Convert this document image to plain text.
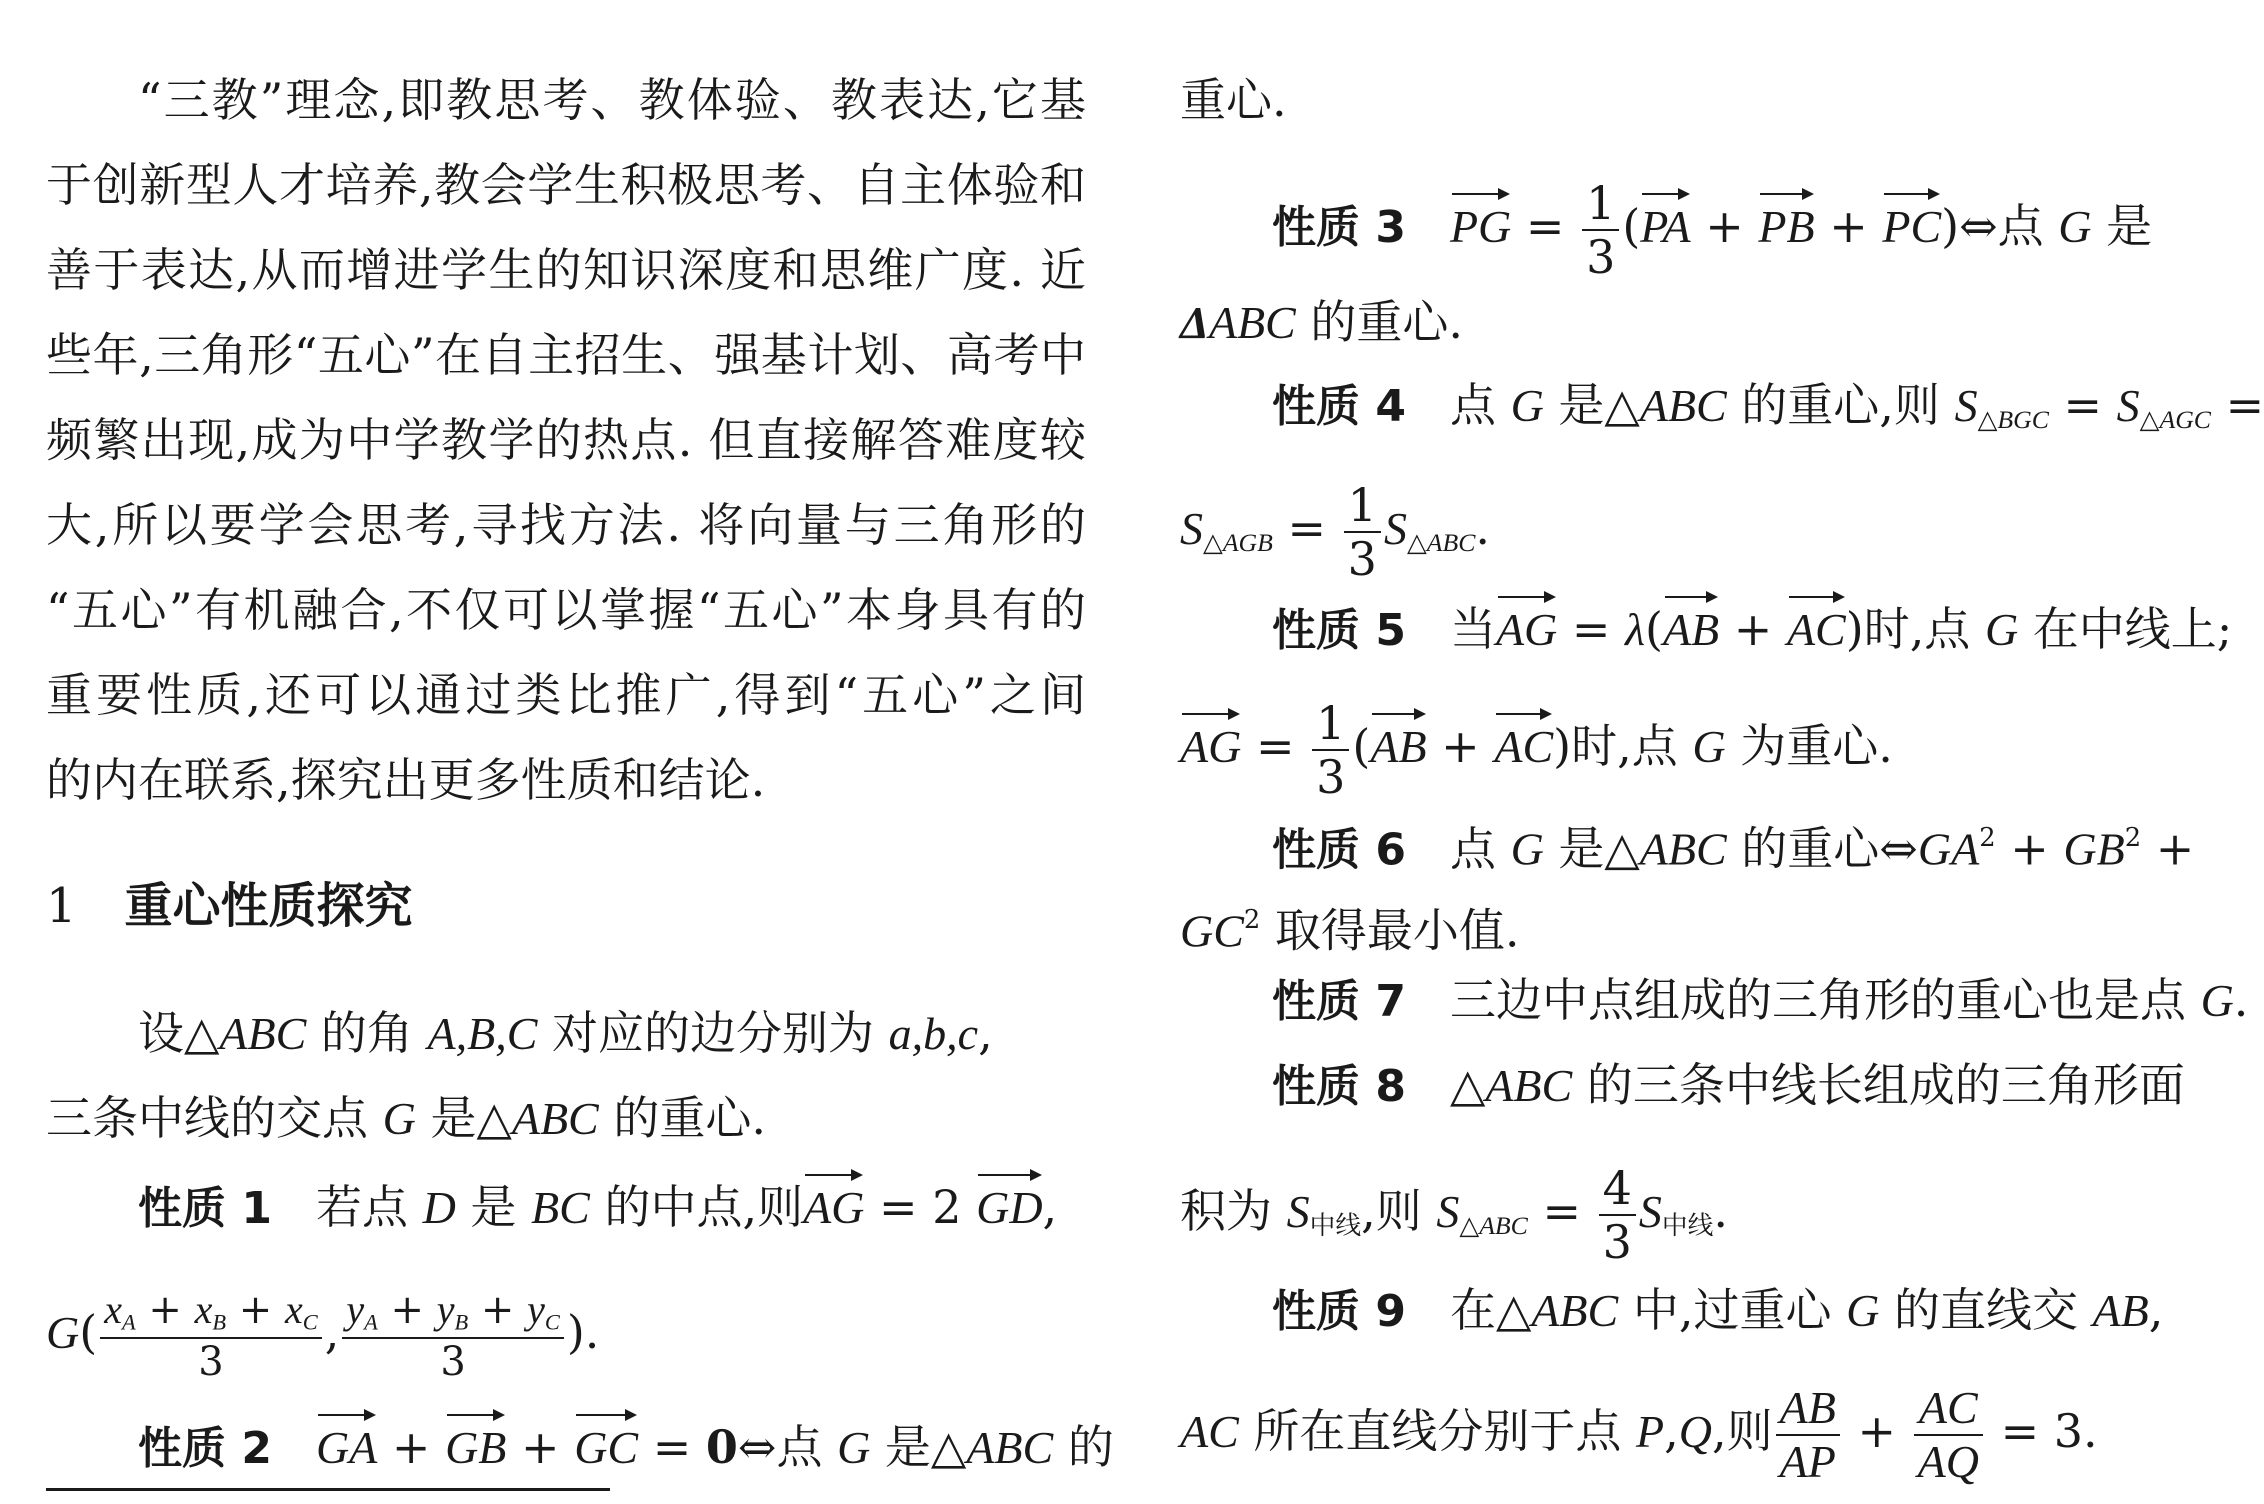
“三教”理念,即教思考、教体验、教表达,它基
于创新型人才培养,教会学生积极思考、自主体验和
善于表达,从而增进学生的知识深度和思维广度. 近
些年,三角形“五心”在自主招生、强基计划、高考中
频繁出现,成为中学教学的热点. 但直接解答难度较
大,所以要学会思考,寻找方法. 将向量与三角形的
“五心”有机融合,不仅可以掌握“五心”本身具有的
重要性质,还可以通过类比推广,得到“五心”之间
的内在联系,探究出更多性质和结论.
1 重心性质探究
设△ABC 的角 A,B,C 对应的边分别为 a,b,c,
三条中线的交点 G 是△ABC 的重心.
性质 1 若点 D 是 BC 的中点,则AG = 2 GD,
$G( \frac{x_A + x_B + x_C}{3}$ , $\frac{y_A + y_B + y_C}{3}$ ).
性质 2 GA + GB + GC = 0⇔点 G 是△ABC 的
重心.
性质 3 PG = $\frac{1}{3} (PA$ + PB + PC)⇔点 G 是
ΔABC 的重心.
性质 4 点 G 是△ABC 的重心,则 $S_{\triangle BGC} = S_{\triangle AGC}$ =
$S_{\triangle AGB} = \frac{1}{3} S_{\triangle ABC}$.
性质 5 当AG = λ(AB + AC)时,点 G 在中线上;
AG = $\frac{1}{3} (AB + AC)$时,点 G 为重心.
性质 6 点 G 是△ABC 的重心$\Leftrightarrow GA^2 + GB^2$ +
$GC^2$ 取得最小值.
性质 7 三边中点组成的三角形的重心也是点 G.
性质 8 △ABC 的三条中线长组成的三角形面
积为 $S_{中线}$,则 $S_{\triangle ABC} = \frac{4}{3} S_{中线}$.
性质 9 在△ABC 中,过重心 G 的直线交 AB,
AC 所在直线分别于点 P,Q,则 $\frac{AB}{AP} + \frac{AC}{AQ} = 3$.
